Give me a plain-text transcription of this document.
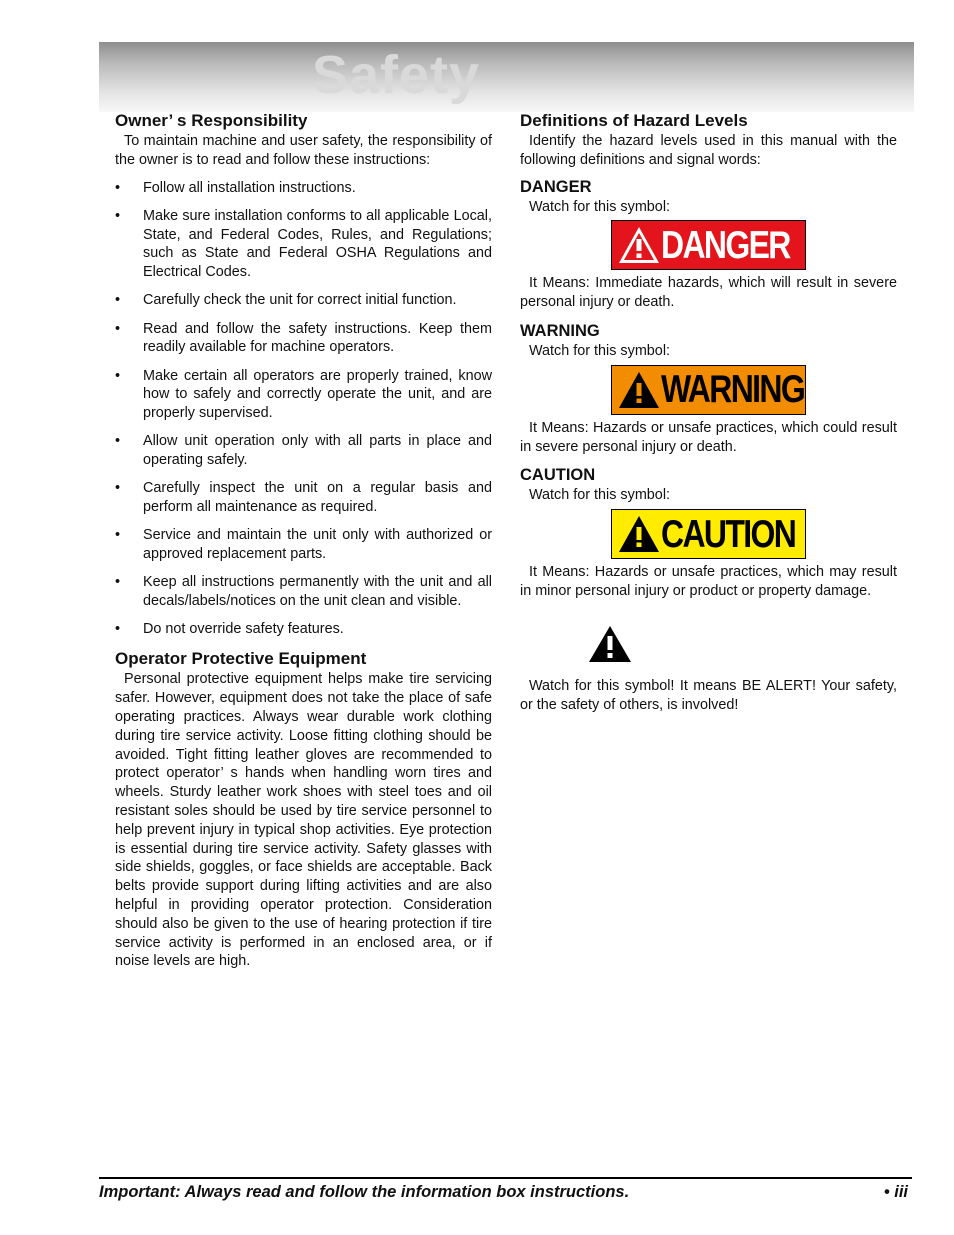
Safety
Owner’ s Responsibility

To maintain machine and user safety, the responsibility of the owner is to read and follow these instructions:

• Follow all installation instructions.
• Make sure installation conforms to all applicable Local, State, and Federal Codes, Rules, and Regulations; such as State and Federal OSHA Regulations and Electrical Codes.
• Carefully check the unit for correct initial function.
• Read and follow the safety instructions. Keep them readily available for machine operators.
• Make certain all operators are properly trained, know how to safely and correctly operate the unit, and are properly supervised.
• Allow unit operation only with all parts in place and operating safely.
• Carefully inspect the unit on a regular basis and perform all maintenance as required.
• Service and maintain the unit only with authorized or approved replacement parts.
• Keep all instructions permanently with the unit and all decals/labels/notices on the unit clean and visible.
• Do not override safety features.
Operator Protective Equipment

Personal protective equipment helps make tire servicing safer. However, equipment does not take the place of safe operating practices. Always wear durable work clothing during tire service activity. Loose fitting clothing should be avoided. Tight fitting leather gloves are recommended to protect operator’ s hands when handling worn tires and wheels. Sturdy leather work shoes with steel toes and oil resistant soles should be used by tire service personnel to help prevent injury in typical shop activities. Eye protection is essential during tire service activity. Safety glasses with side shields, goggles, or face shields are acceptable. Back belts provide support during lifting activities and are also helpful in providing operator protection. Consideration should also be given to the use of hearing protection if tire service activity is performed in an enclosed area, or if noise levels are high.

Definitions of Hazard Levels

Identify the hazard levels used in this manual with the following definitions and signal words:

DANGER

Watch for this symbol:

DANGER

It Means: Immediate hazards, which will result in severe personal injury or death.

WARNING

Watch for this symbol:

WARNING

It Means: Hazards or unsafe practices, which could result in severe personal injury or death.

CAUTION

Watch for this symbol:

CAUTION

It Means: Hazards or unsafe practices, which may result in minor personal injury or product or property damage.

Watch for this symbol! It means BE ALERT! Your safety, or the safety of others, is involved!

Important: Always read and follow the information box instructions.	• iii
